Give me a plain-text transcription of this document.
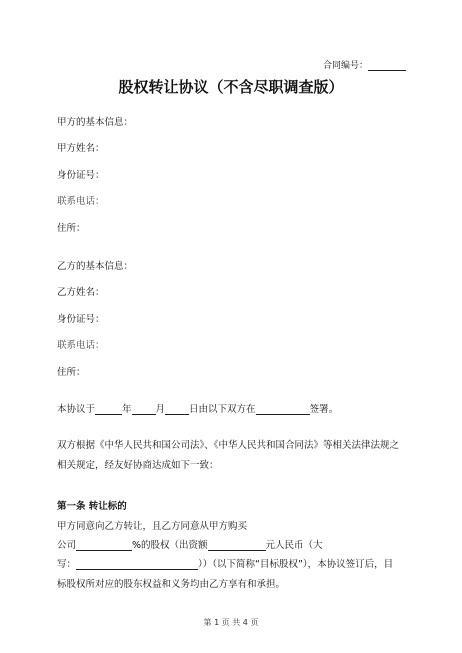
合同编号：
股权转让协议（不含尽职调查版）
甲方的基本信息：
甲方姓名：
身份证号：
联系电话：
住所：
乙方的基本信息：
乙方姓名：
身份证号：
联系电话：
住所：
本协议于	年	月	日由以下双方在	签署。
双方根据《中华人民共和国公司法》、《中华人民共和国合同法》等相关法律法规之
相关规定，经友好协商达成如下一致：
第一条 转让标的
甲方同意向乙方转让，且乙方同意从甲方购买
公司	%的股权（出资额	元人民币（大
写：	））（以下简称“目标股权”），本协议签订后，目
标股权所对应的股东权益和义务均由乙方享有和承担。
第 1 页 共 4 页
